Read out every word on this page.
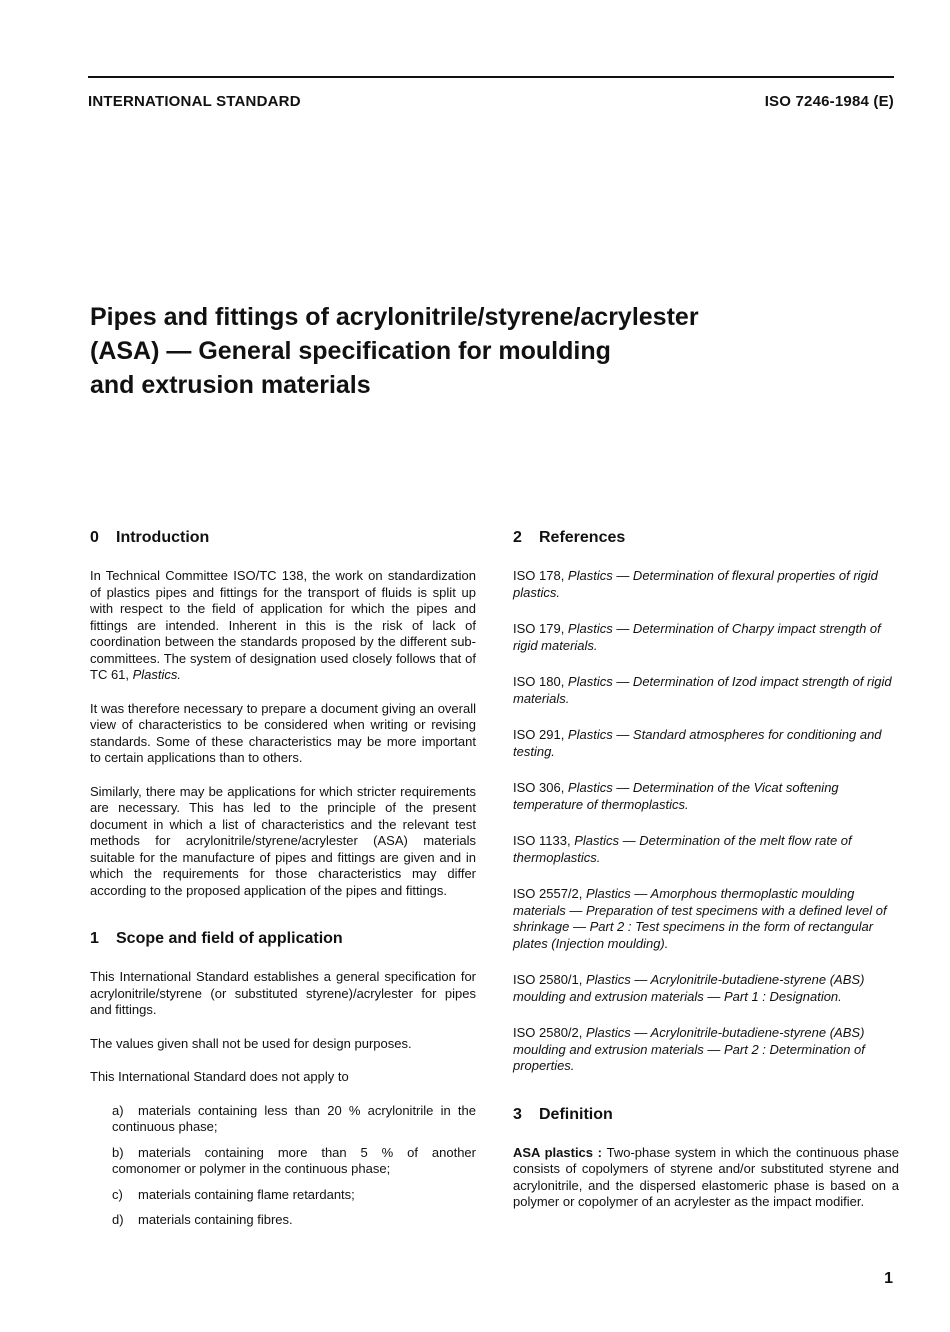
INTERNATIONAL STANDARD	ISO 7246-1984 (E)
Pipes and fittings of acrylonitrile/styrene/acrylester
(ASA) — General specification for moulding
and extrusion materials
0 Introduction

In Technical Committee ISO/TC 138, the work on standardization of plastics pipes and fittings for the transport of fluids is split up with respect to the field of application for which the pipes and fittings are intended. Inherent in this is the risk of lack of coordination between the standards proposed by the different sub-committees. The system of designation used closely follows that of TC 61, Plastics.

It was therefore necessary to prepare a document giving an overall view of characteristics to be considered when writing or revising standards. Some of these characteristics may be more important to certain applications than to others.

Similarly, there may be applications for which stricter requirements are necessary. This has led to the principle of the present document in which a list of characteristics and the relevant test methods for acrylonitrile/styrene/acrylester (ASA) materials suitable for the manufacture of pipes and fittings are given and in which the requirements for those characteristics may differ according to the proposed application of the pipes and fittings.

1 Scope and field of application

This International Standard establishes a general specification for acrylonitrile/styrene (or substituted styrene)/acrylester for pipes and fittings.

The values given shall not be used for design purposes.

This International Standard does not apply to

a) materials containing less than 20 % acrylonitrile in the continuous phase;
b) materials containing more than 5 % of another comonomer or polymer in the continuous phase;
c) materials containing flame retardants;
d) materials containing fibres.
2 References

ISO 178, Plastics — Determination of flexural properties of rigid plastics.

ISO 179, Plastics — Determination of Charpy impact strength of rigid materials.

ISO 180, Plastics — Determination of Izod impact strength of rigid materials.

ISO 291, Plastics — Standard atmospheres for conditioning and testing.

ISO 306, Plastics — Determination of the Vicat softening temperature of thermoplastics.

ISO 1133, Plastics — Determination of the melt flow rate of thermoplastics.

ISO 2557/2, Plastics — Amorphous thermoplastic moulding materials — Preparation of test specimens with a defined level of shrinkage — Part 2 : Test specimens in the form of rectangular plates (Injection moulding).

ISO 2580/1, Plastics — Acrylonitrile-butadiene-styrene (ABS) moulding and extrusion materials — Part 1 : Designation.

ISO 2580/2, Plastics — Acrylonitrile-butadiene-styrene (ABS) moulding and extrusion materials — Part 2 : Determination of properties.

3 Definition

ASA plastics : Two-phase system in which the continuous phase consists of copolymers of styrene and/or substituted styrene and acrylonitrile, and the dispersed elastomeric phase is based on a polymer or copolymer of an acrylester as the impact modifier.

1
